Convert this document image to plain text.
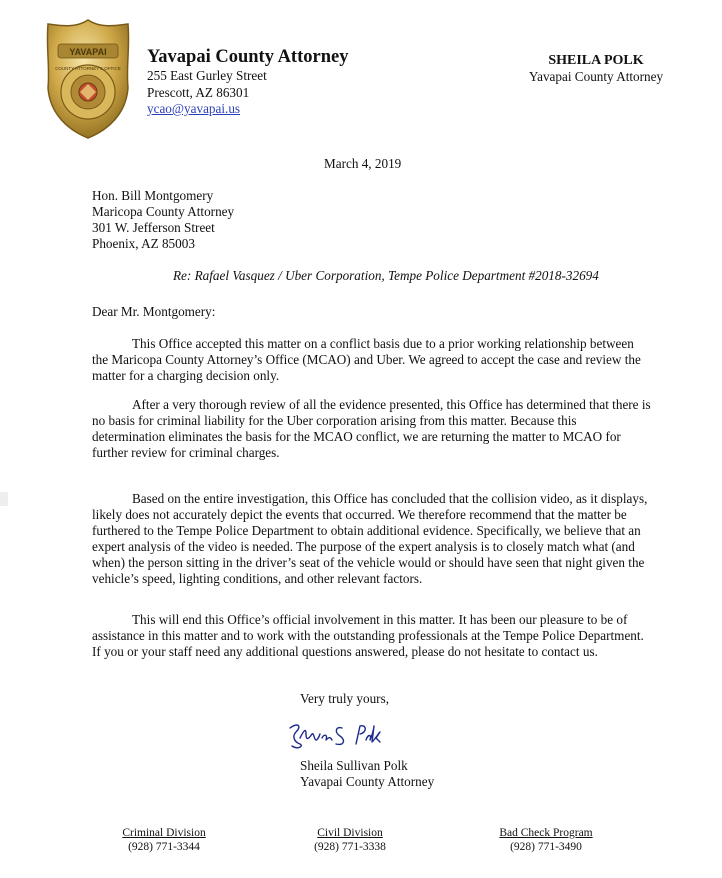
YAVAPAI
COUNTY ATTORNEY'S OFFICE
Yavapai County Attorney
255 East Gurley Street
Prescott, AZ 86301
ycao@yavapai.us
SHEILA POLK
Yavapai County Attorney
March 4, 2019
Hon. Bill Montgomery
Maricopa County Attorney
301 W. Jefferson Street
Phoenix, AZ 85003
Re: Rafael Vasquez / Uber Corporation, Tempe Police Department #2018-32694
Dear Mr. Montgomery:

This Office accepted this matter on a conflict basis due to a prior working relationship between the Maricopa County Attorney’s Office (MCAO) and Uber. We agreed to accept the case and review the matter for a charging decision only.

After a very thorough review of all the evidence presented, this Office has determined that there is no basis for criminal liability for the Uber corporation arising from this matter. Because this determination eliminates the basis for the MCAO conflict, we are returning the matter to MCAO for further review for criminal charges.

Based on the entire investigation, this Office has concluded that the collision video, as it displays, likely does not accurately depict the events that occurred. We therefore recommend that the matter be furthered to the Tempe Police Department to obtain additional evidence. Specifically, we believe that an expert analysis of the video is needed. The purpose of the expert analysis is to closely match what (and when) the person sitting in the driver’s seat of the vehicle would or should have seen that night given the vehicle’s speed, lighting conditions, and other relevant factors.

This will end this Office’s official involvement in this matter. It has been our pleasure to be of assistance in this matter and to work with the outstanding professionals at the Tempe Police Department. If you or your staff need any additional questions answered, please do not hesitate to contact us.

Very truly yours,
Sheila Sullivan Polk
Yavapai County Attorney
Criminal Division
(928) 771-3344
Civil Division
(928) 771-3338
Bad Check Program
(928) 771-3490
